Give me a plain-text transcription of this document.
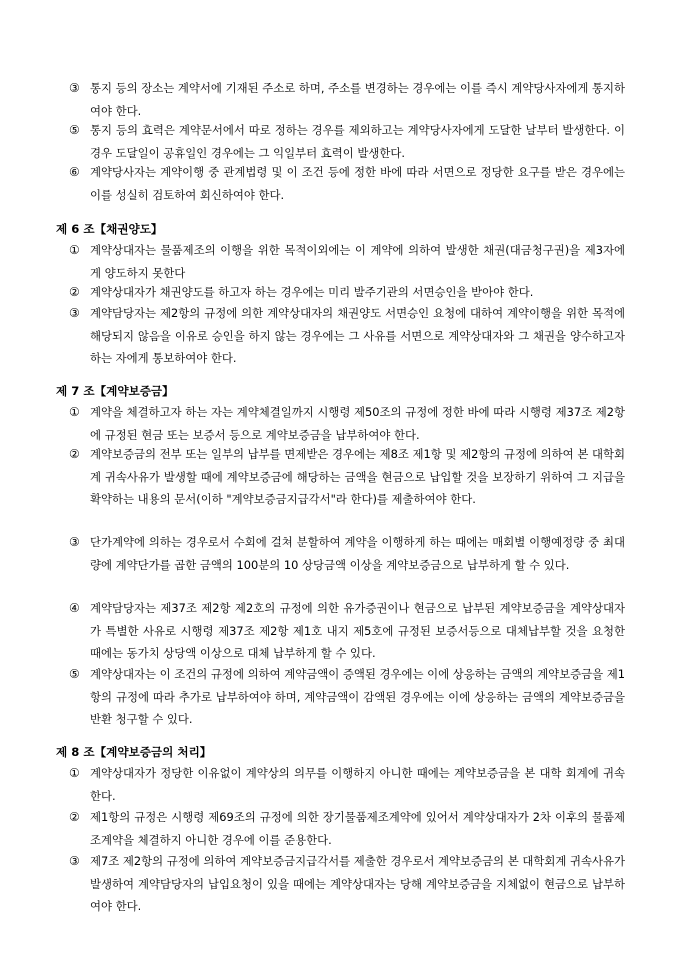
③ 통지 등의 장소는 계약서에 기재된 주소로 하며, 주소를 변경하는 경우에는 이를 즉시 계약당사자에게 통지하여야 한다.
⑤ 통지 등의 효력은 계약문서에서 따로 정하는 경우를 제외하고는 계약당사자에게 도달한 날부터 발생한다. 이 경우 도달일이 공휴일인 경우에는 그 익일부터 효력이 발생한다.
⑥ 계약당사자는 계약이행 중 관계법령 및 이 조건 등에 정한 바에 따라 서면으로 정당한 요구를 받은 경우에는 이를 성실히 검토하여 회신하여야 한다.
제 6 조【채권양도】
① 계약상대자는 물품제조의 이행을 위한 목적이외에는 이 계약에 의하여 발생한 채권(대금청구권)을 제3자에게 양도하지 못한다
② 계약상대자가 채권양도를 하고자 하는 경우에는 미리 발주기관의 서면승인을 받아야 한다.
③ 계약담당자는 제2항의 규정에 의한 계약상대자의 채권양도 서면승인 요청에 대하여 계약이행을 위한 목적에 해당되지 않음을 이유로 승인을 하지 않는 경우에는 그 사유를 서면으로 계약상대자와 그 채권을 양수하고자 하는 자에게 통보하여야 한다.
제 7 조【계약보증금】
① 계약을 체결하고자 하는 자는 계약체결일까지 시행령 제50조의 규정에 정한 바에 따라 시행령 제37조 제2항에 규정된 현금 또는 보증서 등으로 계약보증금을 납부하여야 한다.
② 계약보증금의 전부 또는 일부의 납부를 면제받은 경우에는 제8조 제1항 및 제2항의 규정에 의하여 본 대학회계 귀속사유가 발생할 때에 계약보증금에 해당하는 금액을 현금으로 납입할 것을 보장하기 위하여 그 지급을 확약하는 내용의 문서(이하 "계약보증금지급각서"라 한다)를 제출하여야 한다.
③ 단가계약에 의하는 경우로서 수회에 걸쳐 분할하여 계약을 이행하게 하는 때에는 매회별 이행예정량 중 최대량에 계약단가를 곱한 금액의 100분의 10 상당금액 이상을 계약보증금으로 납부하게 할 수 있다.
④ 계약담당자는 제37조 제2항 제2호의 규정에 의한 유가증권이나 현금으로 납부된 계약보증금을 계약상대자가 특별한 사유로 시행령 제37조 제2항 제1호 내지 제5호에 규정된 보증서등으로 대체납부할 것을 요청한 때에는 동가치 상당액 이상으로 대체 납부하게 할 수 있다.
⑤ 계약상대자는 이 조건의 규정에 의하여 계약금액이 증액된 경우에는 이에 상응하는 금액의 계약보증금을 제1항의 규정에 따라 추가로 납부하여야 하며, 계약금액이 감액된 경우에는 이에 상응하는 금액의 계약보증금을 반환 청구할 수 있다.
제 8 조【계약보증금의 처리】
① 계약상대자가 정당한 이유없이 계약상의 의무를 이행하지 아니한 때에는 계약보증금을 본 대학 회계에 귀속한다.
② 제1항의 규정은 시행령 제69조의 규정에 의한 장기물품제조계약에 있어서 계약상대자가 2차 이후의 물품제조계약을 체결하지 아니한 경우에 이를 준용한다.
③ 제7조 제2항의 규정에 의하여 계약보증금지급각서를 제출한 경우로서 계약보증금의 본 대학회계 귀속사유가 발생하여 계약담당자의 납입요청이 있을 때에는 계약상대자는 당해 계약보증금을 지체없이 현금으로 납부하여야 한다.
